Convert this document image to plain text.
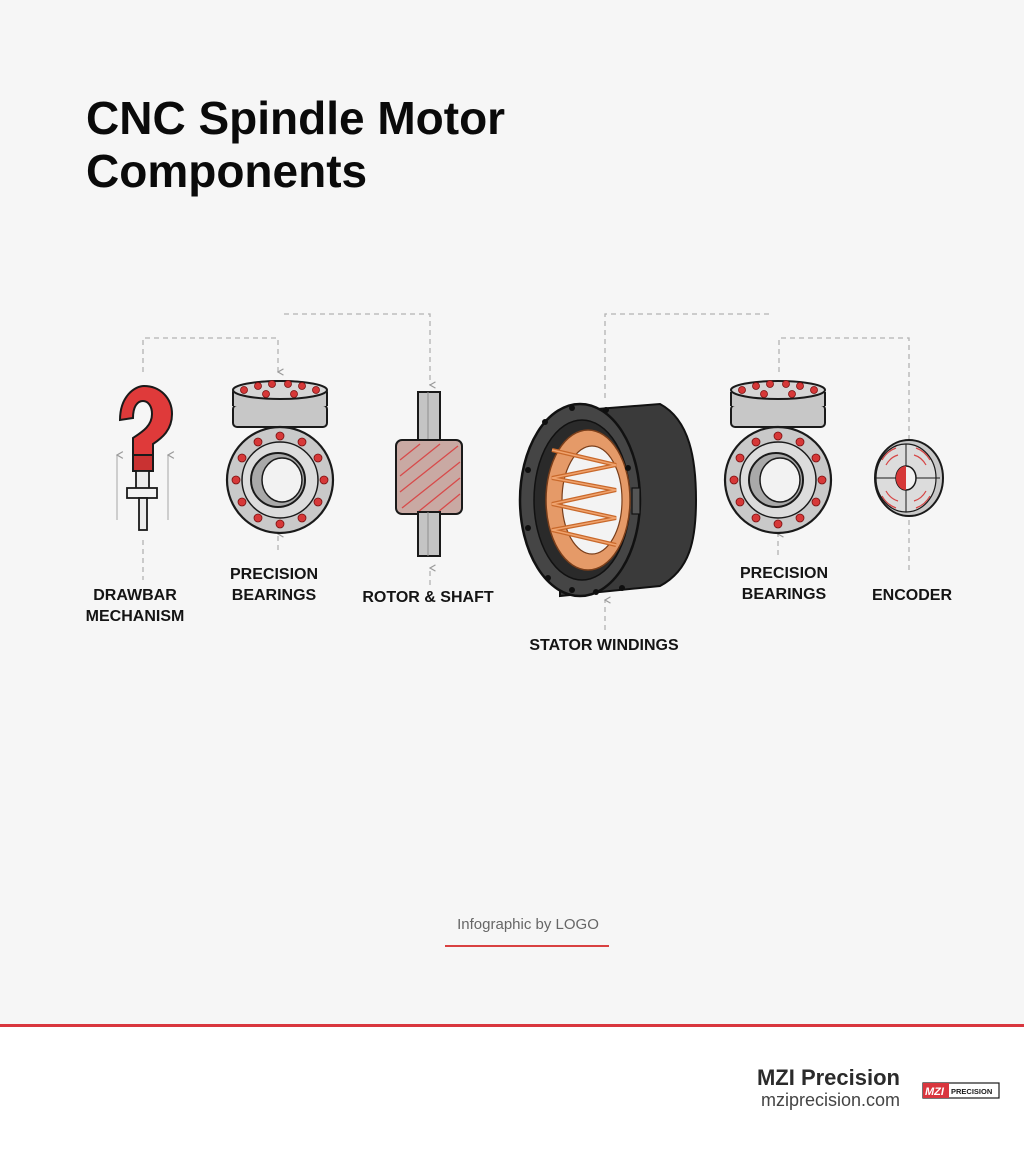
CNC Spindle Motor
Components
DRAWBAR
MECHANISM
PRECISION
BEARINGS	ROTOR & SHAFT
STATOR WINDINGS
PRECISION
BEARINGS	ENCODER
Infographic by LOGO
MZI Precision
mziprecision.com MZI PRECISION
